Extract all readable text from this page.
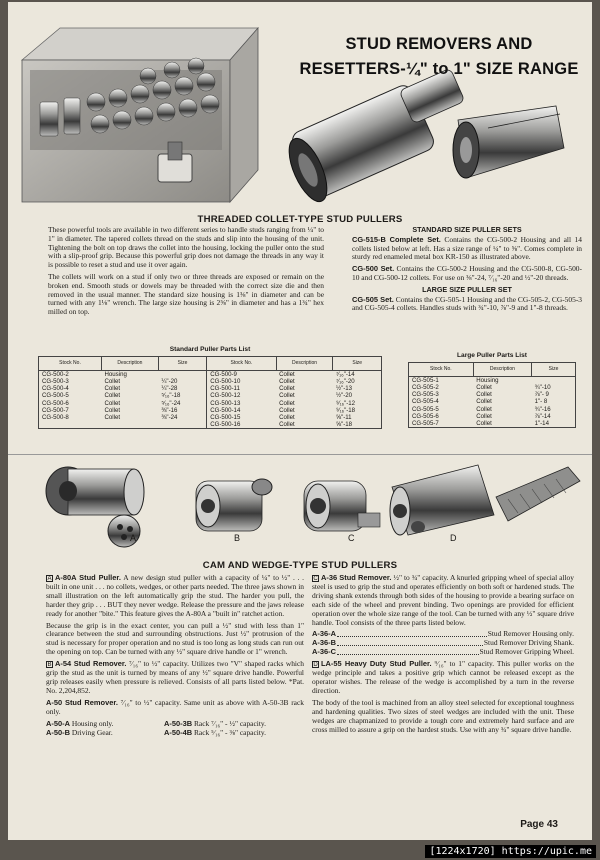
STUD REMOVERS AND
RESETTERS-¼" to 1" SIZE RANGE
THREADED COLLET-TYPE STUD PULLERS

These powerful tools are available in two different series to handle studs ranging from ¼" to 1" in diameter. The tapered collets thread on the studs and slip into the housing of the unit. Tightening the bolt on top draws the collet into the housing, locking the puller onto the stud with a slip-proof grip. Because this powerful grip does not damage the threads in any way it is possible to reset a stud and use it over again.

The collets will work on a stud if only two or three threads are exposed or remain on the broken end. Smooth studs or dowels may be threaded with the correct size die and then removed in the usual manner. The standard size housing is 1⅜" in diameter and can be turned with any 1⅛" wrench. The large size housing is 2⅝" in diameter and has a 1¾" hex milled on top.

STANDARD SIZE PULLER SETS

CG-515-B Complete Set. Contains the CG-500-2 Housing and all 14 collets listed below at left. Has a size range of ¼" to ⅝". Comes complete in sturdy red enameled metal box KR-150 as illustrated above.

CG-500 Set. Contains the CG-500-2 Housing and the CG-500-8, CG-500-10 and CG-500-12 collets. For use on ⅜"-24, ⁷⁄₁₆"-20 and ½"-20 threads.

LARGE SIZE PULLER SET

CG-505 Set. Contains the CG-505-1 Housing and the CG-505-2, CG-505-3 and CG-505-4 collets. Handles studs with ¾"-10, ⅞"-9 and 1"-8 threads.

Standard Puller Parts List
Stock No.	Description	Size	Stock No.	Description	Size
CG-500-2	Housing		CG-500-9	Collet	⁷⁄₁₆"-14
CG-500-3	Collet	¼"-20	CG-500-10	Collet	⁷⁄₁₆"-20
CG-500-4	Collet	¼"-28	CG-500-11	Collet	½"-13
CG-500-5	Collet	⁵⁄₁₆"-18	CG-500-12	Collet	½"-20
CG-500-6	Collet	⁵⁄₁₆"-24	CG-500-13	Collet	⁹⁄₁₆"-12
CG-500-7	Collet	⅜"-16	CG-500-14	Collet	⁹⁄₁₆"-18
CG-500-8	Collet	⅜"-24	CG-500-15	Collet	⅝"-11
			CG-500-16	Collet	⅝"-18
Large Puller Parts List
Stock No.	Description	Size
CG-505-1	Housing	
CG-505-2	Collet	¾"-10
CG-505-3	Collet	⅞"- 9
CG-505-4	Collet	1"- 8
CG-505-5	Collet	¾"-16
CG-505-6	Collet	⅞"-14
CG-505-7	Collet	1"-14
A	B	C	D
CAM AND WEDGE-TYPE STUD PULLERS

A A-80A Stud Puller. A new design stud puller with a capacity of ¼" to ½" . . . built in one unit . . . no collets, wedges, or other parts needed. The three jaws shown in small illustration on the left automatically grip the stud. The harder you pull, the harder they grip . . . BUT they never wedge. Release the pressure and the jaws release ready for another "bite." This feature gives the A-80A a "built in" ratchet action.

Because the grip is in the exact center, you can pull a ½" stud with less than 1" clearance between the stud and surrounding obstructions. Just ½" protrusion of the stud is necessary for proper operation and no stud is too long as long studs can run out the opening on top. Can be turned with any ½" square drive handle or 1" wrench.

B A-54 Stud Remover. ⁷⁄₁₆" to ½" capacity. Utilizes two "V" shaped racks which grip the stud as the unit is turned by means of any ½" square drive handle. Powerful grip releases easily when pressure is relieved. Consists of all parts listed below. *Pat. No. 2,204,852.

A-50 Stud Remover. ⁷⁄₁₆" to ½" capacity. Same unit as above with A-50-3B rack only.

A-50-A Housing only.
A-50-B Driving Gear.
A-50-3B Rack ⁷⁄₁₆" - ½" capacity.
A-50-4B Rack ⁵⁄₁₆" - ⅜" capacity.

C A-36 Stud Remover. ½" to ¾" capacity. A knurled gripping wheel of special alloy steel is used to grip the stud and operates efficiently on both soft or hardened studs. The driving shank extends through both sides of the housing to provide a bearing surface on each side of the wheel and prevent binding. Two openings are provided for efficient operation over the whole size range of the tool. Can be turned with any ½" square drive handle. Tool consists of the three parts listed below.

A-36-A	Stud Remover Housing only.
A-36-B	Stud Remover Driving Shank.
A-36-C	Stud Remover Gripping Wheel.

D LA-55 Heavy Duty Stud Puller. ⁹⁄₁₆" to 1" capacity. This puller works on the wedge principle and takes a positive grip which cannot be released except as the operator wishes. The release of the wedge is accomplished by a turn in the reverse direction.

The body of the tool is machined from an alloy steel selected for exceptional toughness and hardening qualities. Two sizes of steel wedges are included with the unit. These wedges are chapmanized to provide a tough core and extremely hard surface and are cross milled to assure a grip on the hardest studs. Use with any ¾" square drive handle.

Page 43
[1224x1720] https://upic.me
